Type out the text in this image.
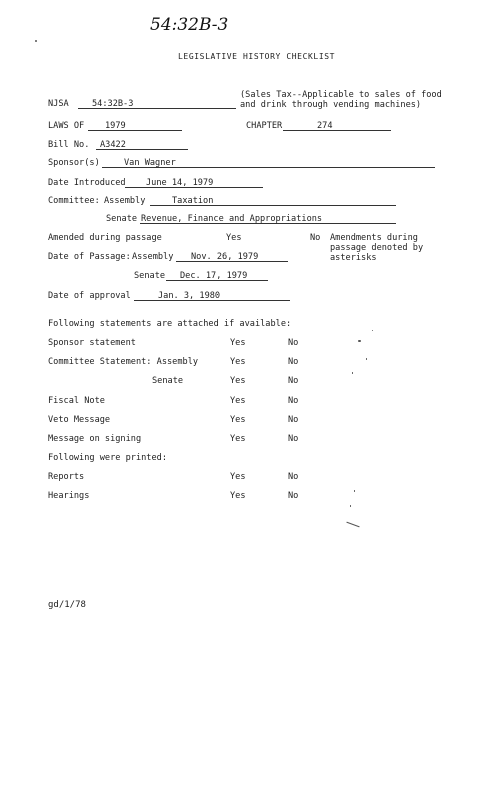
54:32B-3
LEGISLATIVE HISTORY CHECKLIST
NJSA	54:32B-3
(Sales Tax--Applicable to sales of food and drink through vending machines)
LAWS OF 1979	CHAPTER	274
Bill No. A3422
Sponsor(s)	Van Wagner
Date Introduced June 14, 1979
Committee: Assembly	Taxation
Senate Revenue, Finance and Appropriations
Amended during passage	Yes	No Amendments during passage denoted by asterisks
Date of Passage: Assembly Nov. 26, 1979
Senate Dec. 17, 1979
Date of approval	Jan. 3, 1980
Following statements are attached if available:
Sponsor statement	Yes	No
Committee Statement: Assembly	Yes	No
Senate	Yes	No
Fiscal Note	Yes	No
Veto Message	Yes	No
Message on signing	Yes	No
Following were printed:
Reports	Yes	No
Hearings	Yes	No
gd/1/78
